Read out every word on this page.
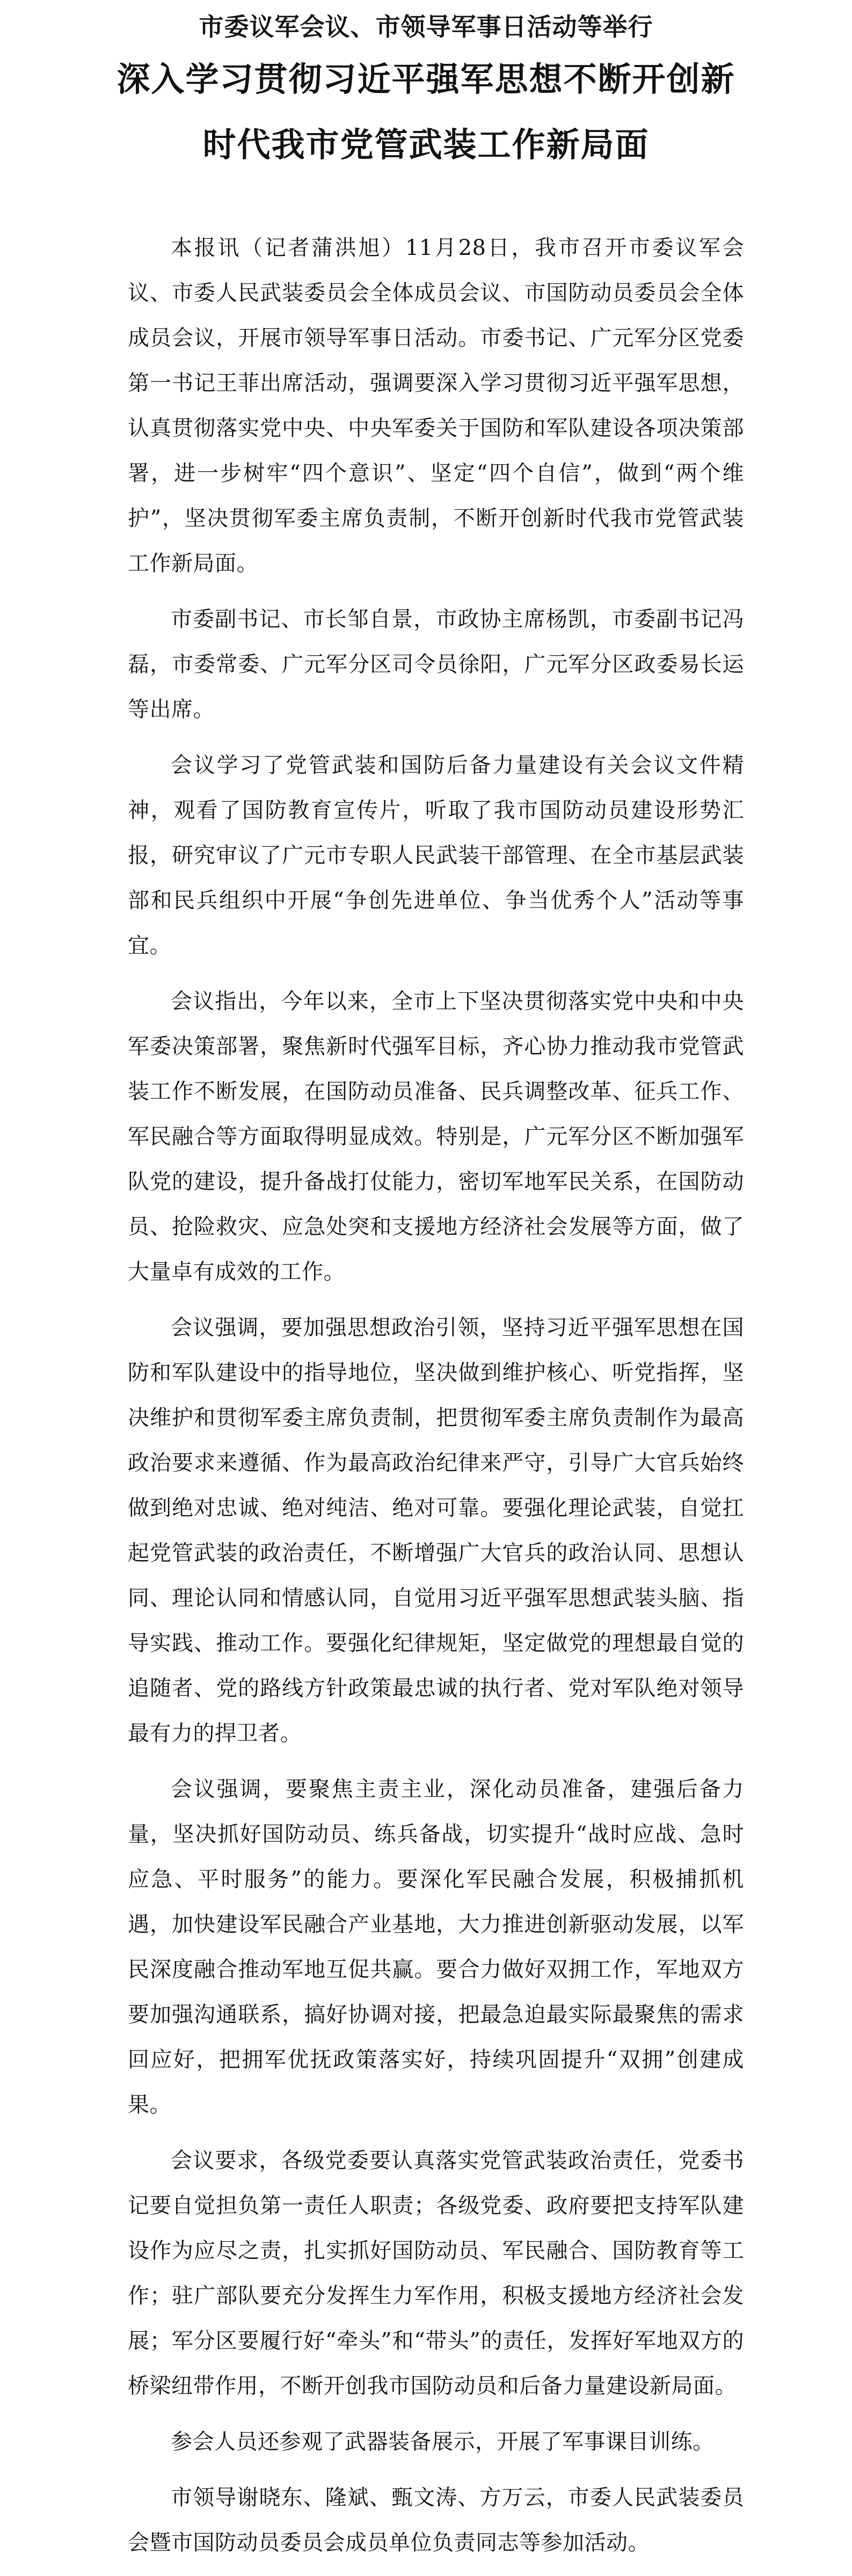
市委议军会议、市领导军事日活动等举行
深入学习贯彻习近平强军思想不断开创新
时代我市党管武装工作新局面

本报讯（记者蒲洪旭）11月28日，我市召开市委议军会议、市委人民武装委员会全体成员会议、市国防动员委员会全体成员会议，开展市领导军事日活动。市委书记、广元军分区党委第一书记王菲出席活动，强调要深入学习贯彻习近平强军思想，认真贯彻落实党中央、中央军委关于国防和军队建设各项决策部署，进一步树牢“四个意识”、坚定“四个自信”，做到“两个维护”，坚决贯彻军委主席负责制，不断开创新时代我市党管武装工作新局面。

市委副书记、市长邹自景，市政协主席杨凯，市委副书记冯磊，市委常委、广元军分区司令员徐阳，广元军分区政委易长运等出席。

会议学习了党管武装和国防后备力量建设有关会议文件精神，观看了国防教育宣传片，听取了我市国防动员建设形势汇报，研究审议了广元市专职人民武装干部管理、在全市基层武装部和民兵组织中开展“争创先进单位、争当优秀个人”活动等事宜。

会议指出，今年以来，全市上下坚决贯彻落实党中央和中央军委决策部署，聚焦新时代强军目标，齐心协力推动我市党管武装工作不断发展，在国防动员准备、民兵调整改革、征兵工作、军民融合等方面取得明显成效。特别是，广元军分区不断加强军队党的建设，提升备战打仗能力，密切军地军民关系，在国防动员、抢险救灾、应急处突和支援地方经济社会发展等方面，做了大量卓有成效的工作。

会议强调，要加强思想政治引领，坚持习近平强军思想在国防和军队建设中的指导地位，坚决做到维护核心、听党指挥，坚决维护和贯彻军委主席负责制，把贯彻军委主席负责制作为最高政治要求来遵循、作为最高政治纪律来严守，引导广大官兵始终做到绝对忠诚、绝对纯洁、绝对可靠。要强化理论武装，自觉扛起党管武装的政治责任，不断增强广大官兵的政治认同、思想认同、理论认同和情感认同，自觉用习近平强军思想武装头脑、指导实践、推动工作。要强化纪律规矩，坚定做党的理想最自觉的追随者、党的路线方针政策最忠诚的执行者、党对军队绝对领导最有力的捍卫者。

会议强调，要聚焦主责主业，深化动员准备，建强后备力量，坚决抓好国防动员、练兵备战，切实提升“战时应战、急时应急、平时服务”的能力。要深化军民融合发展，积极捕抓机遇，加快建设军民融合产业基地，大力推进创新驱动发展，以军民深度融合推动军地互促共赢。要合力做好双拥工作，军地双方要加强沟通联系，搞好协调对接，把最急迫最实际最聚焦的需求回应好，把拥军优抚政策落实好，持续巩固提升“双拥”创建成果。

会议要求，各级党委要认真落实党管武装政治责任，党委书记要自觉担负第一责任人职责；各级党委、政府要把支持军队建设作为应尽之责，扎实抓好国防动员、军民融合、国防教育等工作；驻广部队要充分发挥生力军作用，积极支援地方经济社会发展；军分区要履行好“牵头”和“带头”的责任，发挥好军地双方的桥梁纽带作用，不断开创我市国防动员和后备力量建设新局面。

参会人员还参观了武器装备展示，开展了军事课目训练。

市领导谢晓东、隆斌、甄文涛、方万云，市委人民武装委员会暨市国防动员委员会成员单位负责同志等参加活动。
